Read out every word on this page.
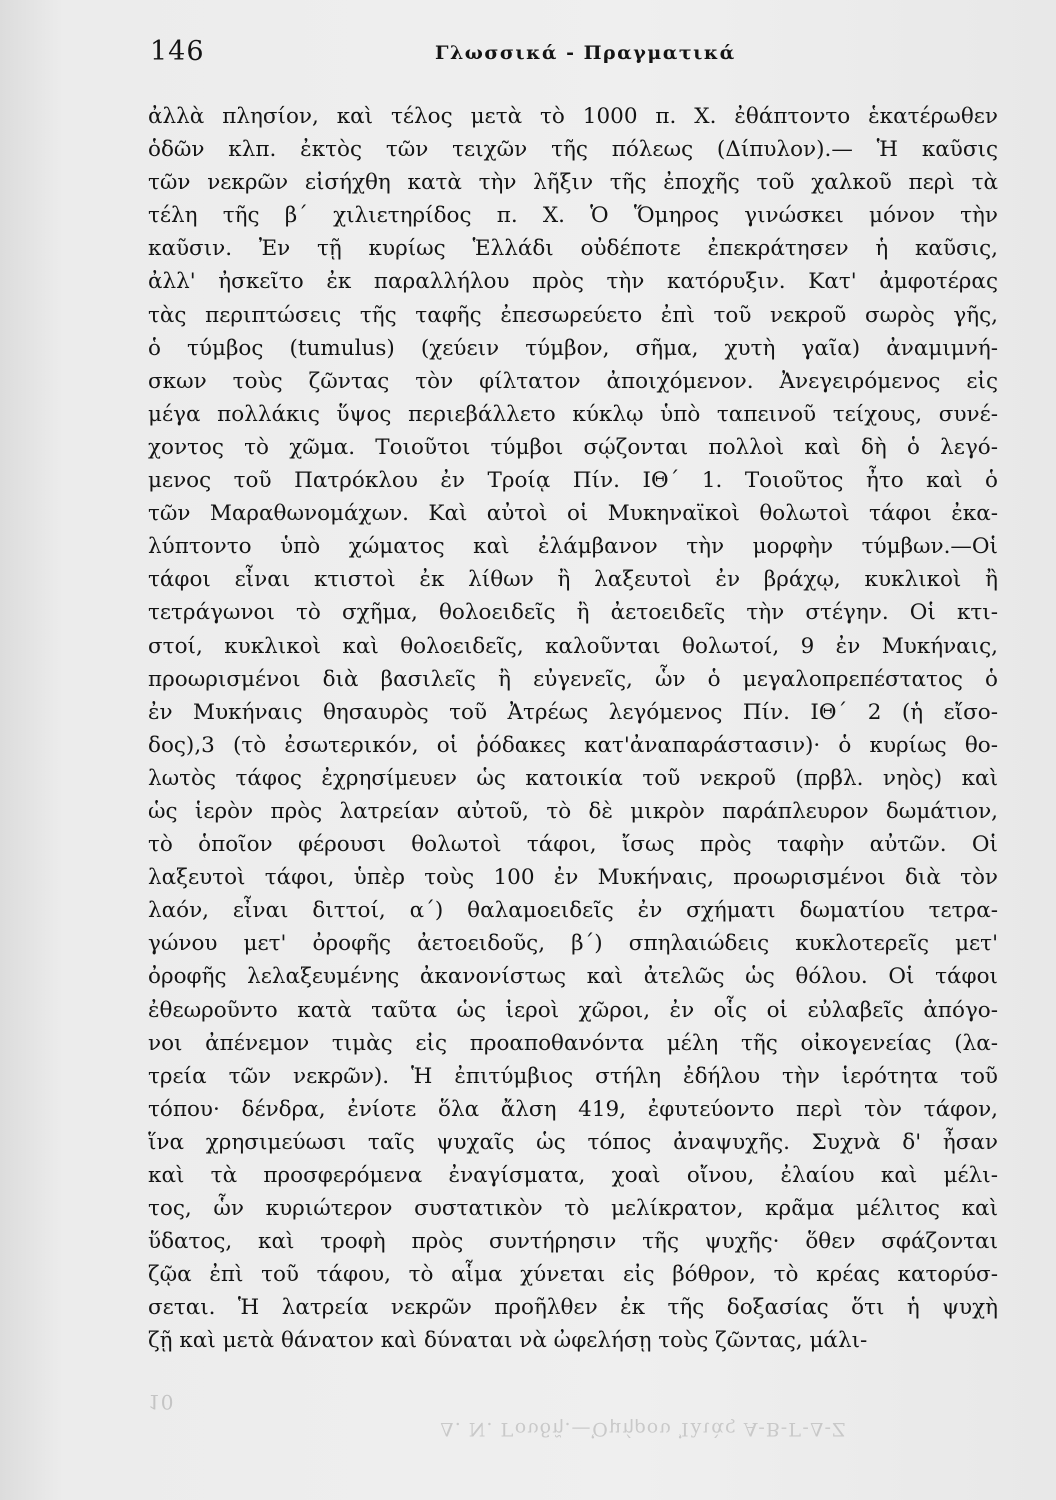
146	Γλωσσικά - Πραγματικά
ἀλλὰ πλησίον, καὶ τέλος μετὰ τὸ 1000 π. Χ. ἐθάπτοντο ἑκατέρωθεν
ὁδῶν κλπ. ἐκτὸς τῶν τειχῶν τῆς πόλεως (Δίπυλον).— Ἡ καῦσις
τῶν νεκρῶν εἰσήχθη κατὰ τὴν λῆξιν τῆς ἐποχῆς τοῦ χαλκοῦ περὶ τὰ
τέλη τῆς β΄ χιλιετηρίδος π. Χ. Ὁ Ὅμηρος γινώσκει μόνον τὴν
καῦσιν. Ἐν τῇ κυρίως Ἑλλάδι οὐδέποτε ἐπεκράτησεν ἡ καῦσις,
ἀλλ' ἠσκεῖτο ἐκ παραλλήλου πρὸς τὴν κατόρυξιν. Κατ' ἀμφοτέρας
τὰς περιπτώσεις τῆς ταφῆς ἐπεσωρεύετο ἐπὶ τοῦ νεκροῦ σωρὸς γῆς,
ὁ τύμβος (tumulus) (χεύειν τύμβον, σῆμα, χυτὴ γαῖα) ἀναμιμνή-
σκων τοὺς ζῶντας τὸν φίλτατον ἀποιχόμενον. Ἀνεγειρόμενος εἰς
μέγα πολλάκις ὕψος περιεβάλλετο κύκλῳ ὑπὸ ταπεινοῦ τείχους, συνέ-
χοντος τὸ χῶμα. Τοιοῦτοι τύμβοι σῴζονται πολλοὶ καὶ δὴ ὁ λεγό-
μενος τοῦ Πατρόκλου ἐν Τροίᾳ Πίν. ΙΘ΄ 1. Τοιοῦτος ἦτο καὶ ὁ
τῶν Μαραθωνομάχων. Καὶ αὐτοὶ οἱ Μυκηναϊκοὶ θολωτοὶ τάφοι ἐκα-
λύπτοντο ὑπὸ χώματος καὶ ἐλάμβανον τὴν μορφὴν τύμβων.—Οἱ
τάφοι εἶναι κτιστοὶ ἐκ λίθων ἢ λαξευτοὶ ἐν βράχῳ, κυκλικοὶ ἢ
τετράγωνοι τὸ σχῆμα, θολοειδεῖς ἢ ἀετοειδεῖς τὴν στέγην. Οἱ κτι-
στοί, κυκλικοὶ καὶ θολοειδεῖς, καλοῦνται θολωτοί, 9 ἐν Μυκήναις,
προωρισμένοι διὰ βασιλεῖς ἢ εὐγενεῖς, ὧν ὁ μεγαλοπρεπέστατος ὁ
ἐν Μυκήναις θησαυρὸς τοῦ Ἀτρέως λεγόμενος Πίν. ΙΘ΄ 2 (ἡ εἴσο-
δος),3 (τὸ ἐσωτερικόν, οἱ ῥόδακες κατ'ἀναπαράστασιν)· ὁ κυρίως θο-
λωτὸς τάφος ἐχρησίμευεν ὡς κατοικία τοῦ νεκροῦ (πρβλ. νηὸς) καὶ
ὡς ἱερὸν πρὸς λατρείαν αὐτοῦ, τὸ δὲ μικρὸν παράπλευρον δωμάτιον,
τὸ ὁποῖον φέρουσι θολωτοὶ τάφοι, ἴσως πρὸς ταφὴν αὐτῶν. Οἱ
λαξευτοὶ τάφοι, ὑπὲρ τοὺς 100 ἐν Μυκήναις, προωρισμένοι διὰ τὸν
λαόν, εἶναι διττοί, α΄) θαλαμοειδεῖς ἐν σχήματι δωματίου τετρα-
γώνου μετ' ὀροφῆς ἀετοειδοῦς, β΄) σπηλαιώδεις κυκλοτερεῖς μετ'
ὀροφῆς λελαξευμένης ἀκανονίστως καὶ ἀτελῶς ὡς θόλου. Οἱ τάφοι
ἐθεωροῦντο κατὰ ταῦτα ὡς ἱεροὶ χῶροι, ἐν οἷς οἱ εὐλαβεῖς ἀπόγο-
νοι ἀπένεμον τιμὰς εἰς προαποθανόντα μέλη τῆς οἰκογενείας (λα-
τρεία τῶν νεκρῶν). Ἡ ἐπιτύμβιος στήλη ἐδήλου τὴν ἱερότητα τοῦ
τόπου· δένδρα, ἐνίοτε ὅλα ἄλση 419, ἐφυτεύοντο περὶ τὸν τάφον,
ἵνα χρησιμεύωσι ταῖς ψυχαῖς ὡς τόπος ἀναψυχῆς. Συχνὰ δ' ἦσαν
καὶ τὰ προσφερόμενα ἐναγίσματα, χοαὶ οἴνου, ἐλαίου καὶ μέλι-
τος, ὧν κυριώτερον συστατικὸν τὸ μελίκρατον, κρᾶμα μέλιτος καὶ
ὕδατος, καὶ τροφὴ πρὸς συντήρησιν τῆς ψυχῆς· ὅθεν σφάζονται
ζῷα ἐπὶ τοῦ τάφου, τὸ αἷμα χύνεται εἰς βόθρον, τὸ κρέας κατορύσ-
σεται. Ἡ λατρεία νεκρῶν προῆλθεν ἐκ τῆς δοξασίας ὅτι ἡ ψυχὴ
ζῇ καὶ μετὰ θάνατον καὶ δύναται νὰ ὠφελήσῃ τοὺς ζῶντας, μάλι-
10
Δ. Ν. Γουδῆ.—Ὁμήρου Ἰλιὰς Α-Β-Γ-Δ-Ζ
